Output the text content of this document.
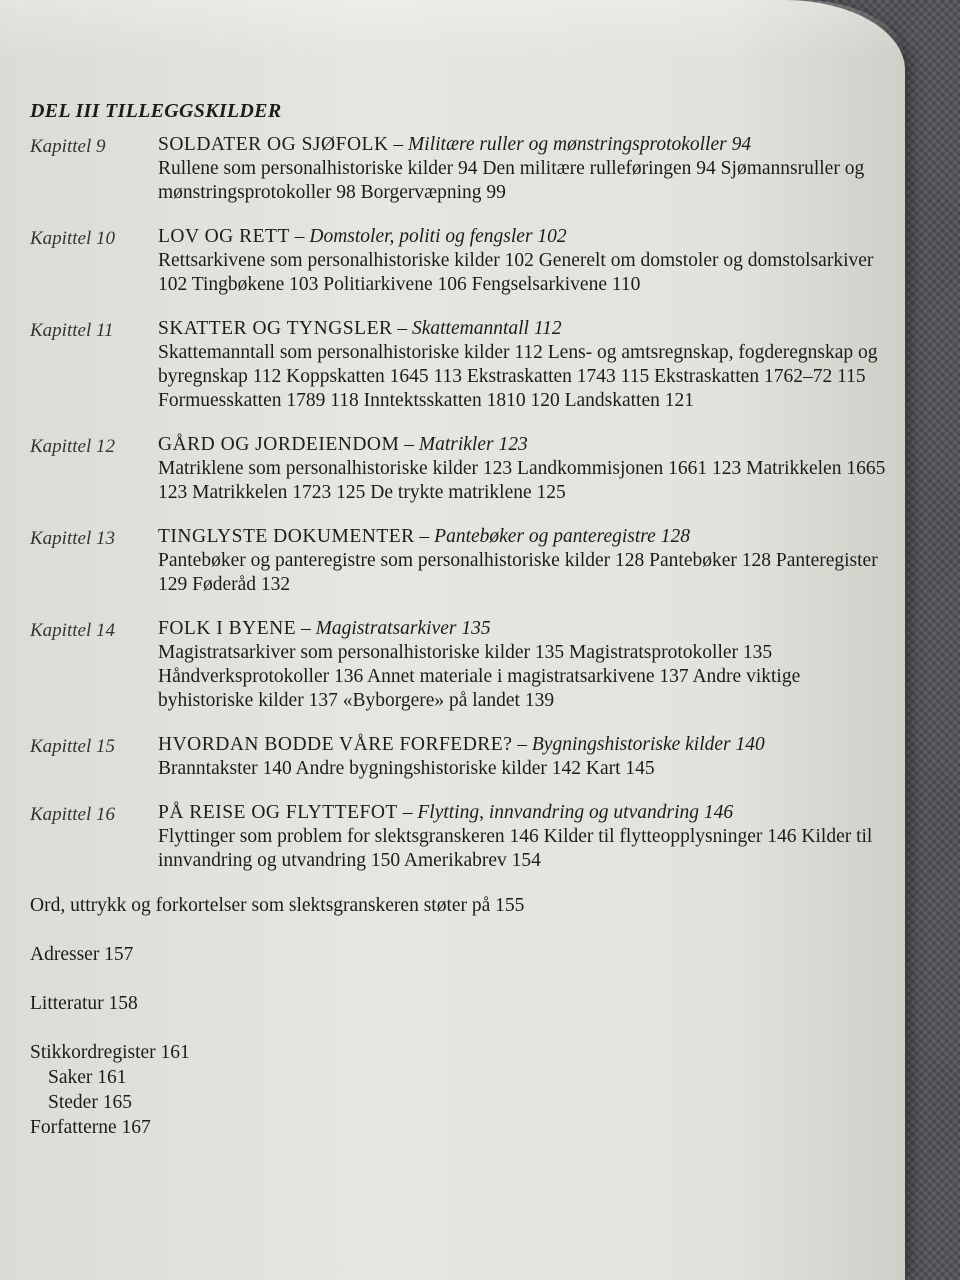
DEL III TILLEGGSKILDER
Kapittel 9	SOLDATER OG SJØFOLK – Militære ruller og mønstringsprotokoller 94
Rullene som personalhistoriske kilder 94 Den militære rulleføringen 94 Sjømannsruller og mønstringsprotokoller 98 Borgervæpning 99
Kapittel 10	LOV OG RETT – Domstoler, politi og fengsler 102
Rettsarkivene som personalhistoriske kilder 102 Generelt om domstoler og domstolsarkiver 102 Tingbøkene 103 Politiarkivene 106 Fengselsarkivene 110
Kapittel 11	SKATTER OG TYNGSLER – Skattemanntall 112
Skattemanntall som personalhistoriske kilder 112 Lens- og amtsregnskap, fogderegnskap og byregnskap 112 Koppskatten 1645 113 Ekstraskatten 1743 115 Ekstraskatten 1762–72 115 Formuesskatten 1789 118 Inntektsskatten 1810 120 Landskatten 121
Kapittel 12	GÅRD OG JORDEIENDOM – Matrikler 123
Matriklene som personalhistoriske kilder 123 Landkommisjonen 1661 123 Matrikkelen 1665 123 Matrikkelen 1723 125 De trykte matriklene 125
Kapittel 13	TINGLYSTE DOKUMENTER – Pantebøker og panteregistre 128
Pantebøker og panteregistre som personalhistoriske kilder 128 Pantebøker 128 Panteregister 129 Føderåd 132
Kapittel 14	FOLK I BYENE – Magistratsarkiver 135
Magistratsarkiver som personalhistoriske kilder 135 Magistratsprotokoller 135 Håndverksprotokoller 136 Annet materiale i magistratsarkivene 137 Andre viktige byhistoriske kilder 137 «Byborgere» på landet 139
Kapittel 15	HVORDAN BODDE VÅRE FORFEDRE? – Bygningshistoriske kilder 140
Branntakster 140 Andre bygningshistoriske kilder 142 Kart 145
Kapittel 16	PÅ REISE OG FLYTTEFOT – Flytting, innvandring og utvandring 146
Flyttinger som problem for slektsgranskeren 146 Kilder til flytteopplysninger 146 Kilder til innvandring og utvandring 150 Amerikabrev 154
Ord, uttrykk og forkortelser som slektsgranskeren støter på 155
Adresser 157
Litteratur 158
Stikkordregister 161
Saker 161
Steder 165
Forfatterne 167
